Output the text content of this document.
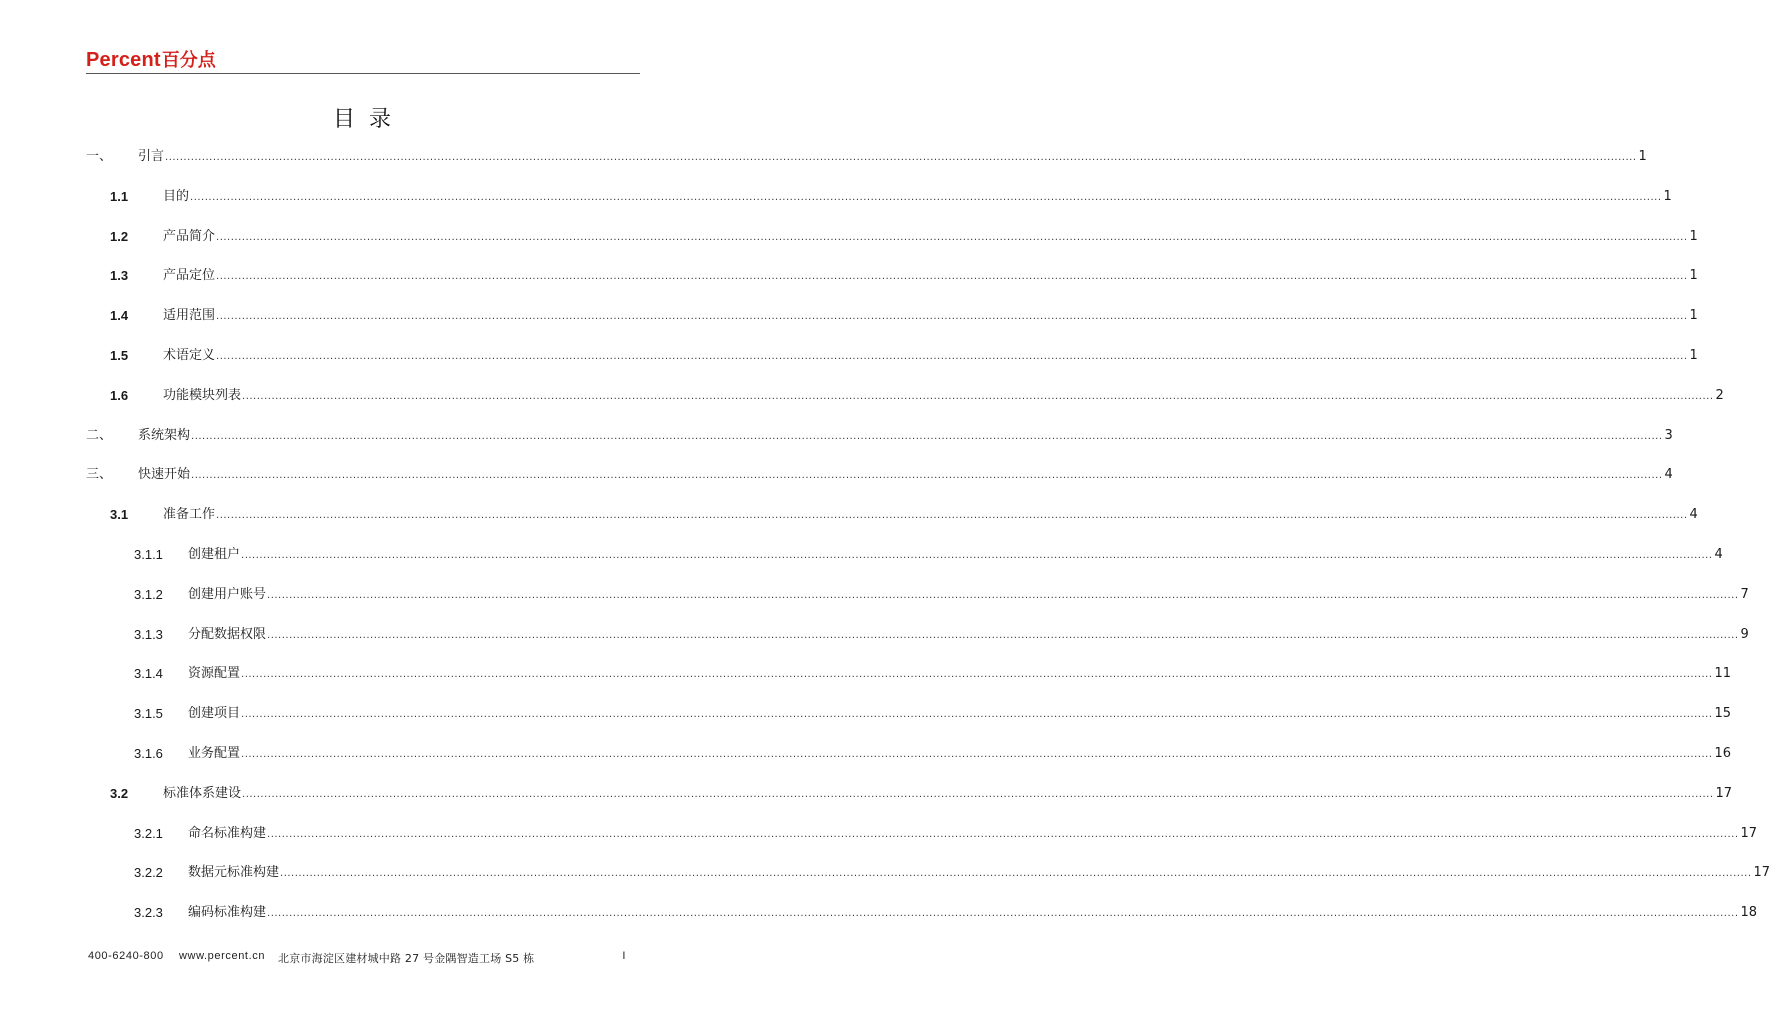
Percent 百分点
目录
一、 引言 ................................................................................................................................................................................................................................................................................................................................................................................................................ 1
1.1	目的 ................................................................................................................................................................................................................................................................................................................................................................................................................ 1
1.2	产品简介 ................................................................................................................................................................................................................................................................................................................................................................................................................ 1
1.3	产品定位 ................................................................................................................................................................................................................................................................................................................................................................................................................ 1
1.4	适用范围 ................................................................................................................................................................................................................................................................................................................................................................................................................ 1
1.5	术语定义 ................................................................................................................................................................................................................................................................................................................................................................................................................ 1
1.6	功能模块列表 ................................................................................................................................................................................................................................................................................................................................................................................................................ 2
二、 系统架构 ................................................................................................................................................................................................................................................................................................................................................................................................................ 3
三、 快速开始 ................................................................................................................................................................................................................................................................................................................................................................................................................ 4
3.1	准备工作 ................................................................................................................................................................................................................................................................................................................................................................................................................ 4
3.1.1 创建租户 ................................................................................................................................................................................................................................................................................................................................................................................................................ 4
3.1.2 创建用户账号 ................................................................................................................................................................................................................................................................................................................................................................................................................ 7
3.1.3 分配数据权限 ................................................................................................................................................................................................................................................................................................................................................................................................................ 9
3.1.4 资源配置 ................................................................................................................................................................................................................................................................................................................................................................................................................ 11
3.1.5 创建项目 ................................................................................................................................................................................................................................................................................................................................................................................................................ 15
3.1.6 业务配置 ................................................................................................................................................................................................................................................................................................................................................................................................................ 16
3.2	标准体系建设 ................................................................................................................................................................................................................................................................................................................................................................................................................ 17
3.2.1 命名标准构建 ................................................................................................................................................................................................................................................................................................................................................................................................................ 17
3.2.2 数据元标准构建 ................................................................................................................................................................................................................................................................................................................................................................................................................ 17
3.2.3 编码标准构建 ................................................................................................................................................................................................................................................................................................................................................................................................................ 18
400-6240-800 www.percent.cn 北京市海淀区建材城中路 27 号金隅智造工场 S5 栋	I
